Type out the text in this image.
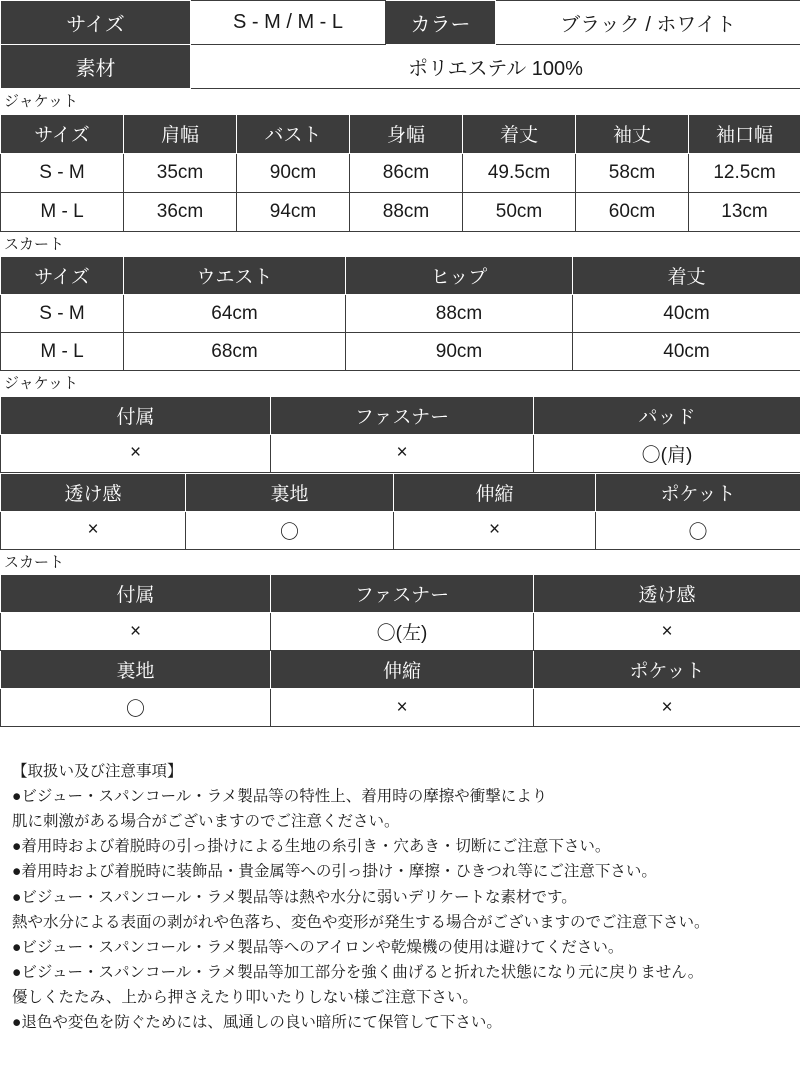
サイズ	S - M / M - L	カラー	ブラック / ホワイト
素材	ポリエステル 100%		
ジャケット
サイズ	肩幅	バスト	身幅	着丈	袖丈	袖口幅
S - M	35cm	90cm	86cm	49.5cm	58cm	12.5cm
M - L	36cm	94cm	88cm	50cm	60cm	13cm
スカート
サイズ	ウエスト	ヒップ	着丈
S - M	64cm	88cm	40cm
M - L	68cm	90cm	40cm
ジャケット
付属	ファスナー	パッド
×	×	〇(肩)
透け感	裏地	伸縮	ポケット
×	〇	×	〇
スカート
付属	ファスナー	透け感
×	〇(左)	×
裏地	伸縮	ポケット
〇	×	×
【取扱い及び注意事項】
●ビジュー・スパンコール・ラメ製品等の特性上、着用時の摩擦や衝撃により
肌に刺激がある場合がございますのでご注意ください。
●着用時および着脱時の引っ掛けによる生地の糸引き・穴あき・切断にご注意下さい。
●着用時および着脱時に装飾品・貴金属等への引っ掛け・摩擦・ひきつれ等にご注意下さい。
●ビジュー・スパンコール・ラメ製品等は熱や水分に弱いデリケートな素材です。
熱や水分による表面の剥がれや色落ち、変色や変形が発生する場合がございますのでご注意下さい。
●ビジュー・スパンコール・ラメ製品等へのアイロンや乾燥機の使用は避けてください。
●ビジュー・スパンコール・ラメ製品等加工部分を強く曲げると折れた状態になり元に戻りません。
優しくたたみ、上から押さえたり叩いたりしない様ご注意下さい。
●退色や変色を防ぐためには、風通しの良い暗所にて保管して下さい。
